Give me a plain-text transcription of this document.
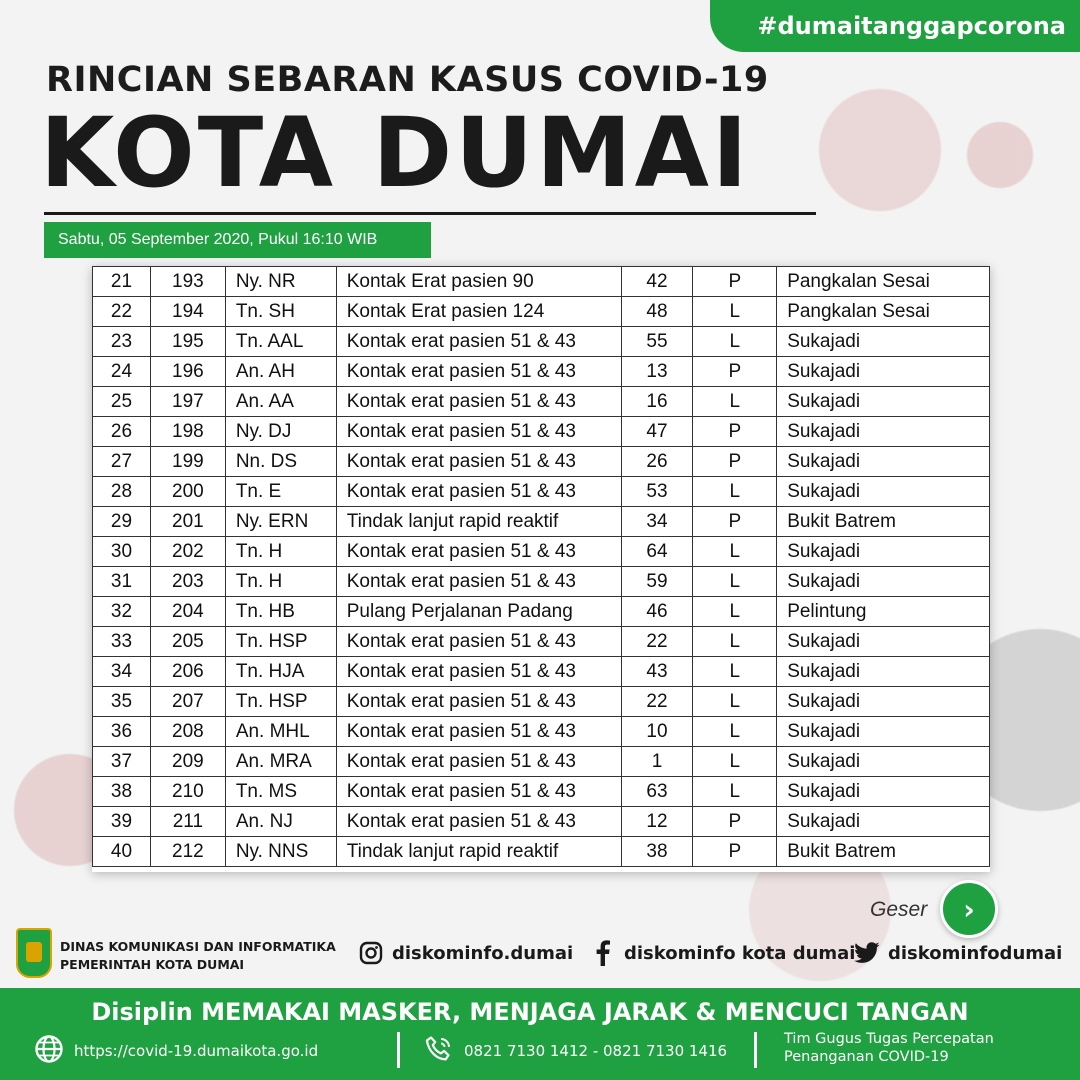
#dumaitanggapcorona
RINCIAN SEBARAN KASUS COVID-19
KOTA DUMAI
Sabtu, 05 September 2020, Pukul 16:10 WIB
21	193	Ny. NR	Kontak Erat pasien 90	42	P	Pangkalan Sesai
22	194	Tn. SH	Kontak Erat pasien 124	48	L	Pangkalan Sesai
23	195	Tn. AAL	Kontak erat pasien 51 & 43	55	L	Sukajadi
24	196	An. AH	Kontak erat pasien 51 & 43	13	P	Sukajadi
25	197	An. AA	Kontak erat pasien 51 & 43	16	L	Sukajadi
26	198	Ny. DJ	Kontak erat pasien 51 & 43	47	P	Sukajadi
27	199	Nn. DS	Kontak erat pasien 51 & 43	26	P	Sukajadi
28	200	Tn. E	Kontak erat pasien 51 & 43	53	L	Sukajadi
29	201	Ny. ERN	Tindak lanjut rapid reaktif	34	P	Bukit Batrem
30	202	Tn. H	Kontak erat pasien 51 & 43	64	L	Sukajadi
31	203	Tn. H	Kontak erat pasien 51 & 43	59	L	Sukajadi
32	204	Tn. HB	Pulang Perjalanan Padang	46	L	Pelintung
33	205	Tn. HSP	Kontak erat pasien 51 & 43	22	L	Sukajadi
34	206	Tn. HJA	Kontak erat pasien 51 & 43	43	L	Sukajadi
35	207	Tn. HSP	Kontak erat pasien 51 & 43	22	L	Sukajadi
36	208	An. MHL	Kontak erat pasien 51 & 43	10	L	Sukajadi
37	209	An. MRA	Kontak erat pasien 51 & 43	1	L	Sukajadi
38	210	Tn. MS	Kontak erat pasien 51 & 43	63	L	Sukajadi
39	211	An. NJ	Kontak erat pasien 51 & 43	12	P	Sukajadi
40	212	Ny. NNS	Tindak lanjut rapid reaktif	38	P	Bukit Batrem
Geser ›
DINAS KOMUNIKASI DAN INFORMATIKA
PEMERINTAH KOTA DUMAI
diskominfo.dumai	diskominfo kota dumai diskominfodumai
Disiplin MEMAKAI MASKER, MENJAGA JARAK & MENCUCI TANGAN
https://covid-19.dumaikota.go.id	0821 7130 1412 - 0821 7130 1416
Tim Gugus Tugas Percepatan
Penanganan COVID-19
